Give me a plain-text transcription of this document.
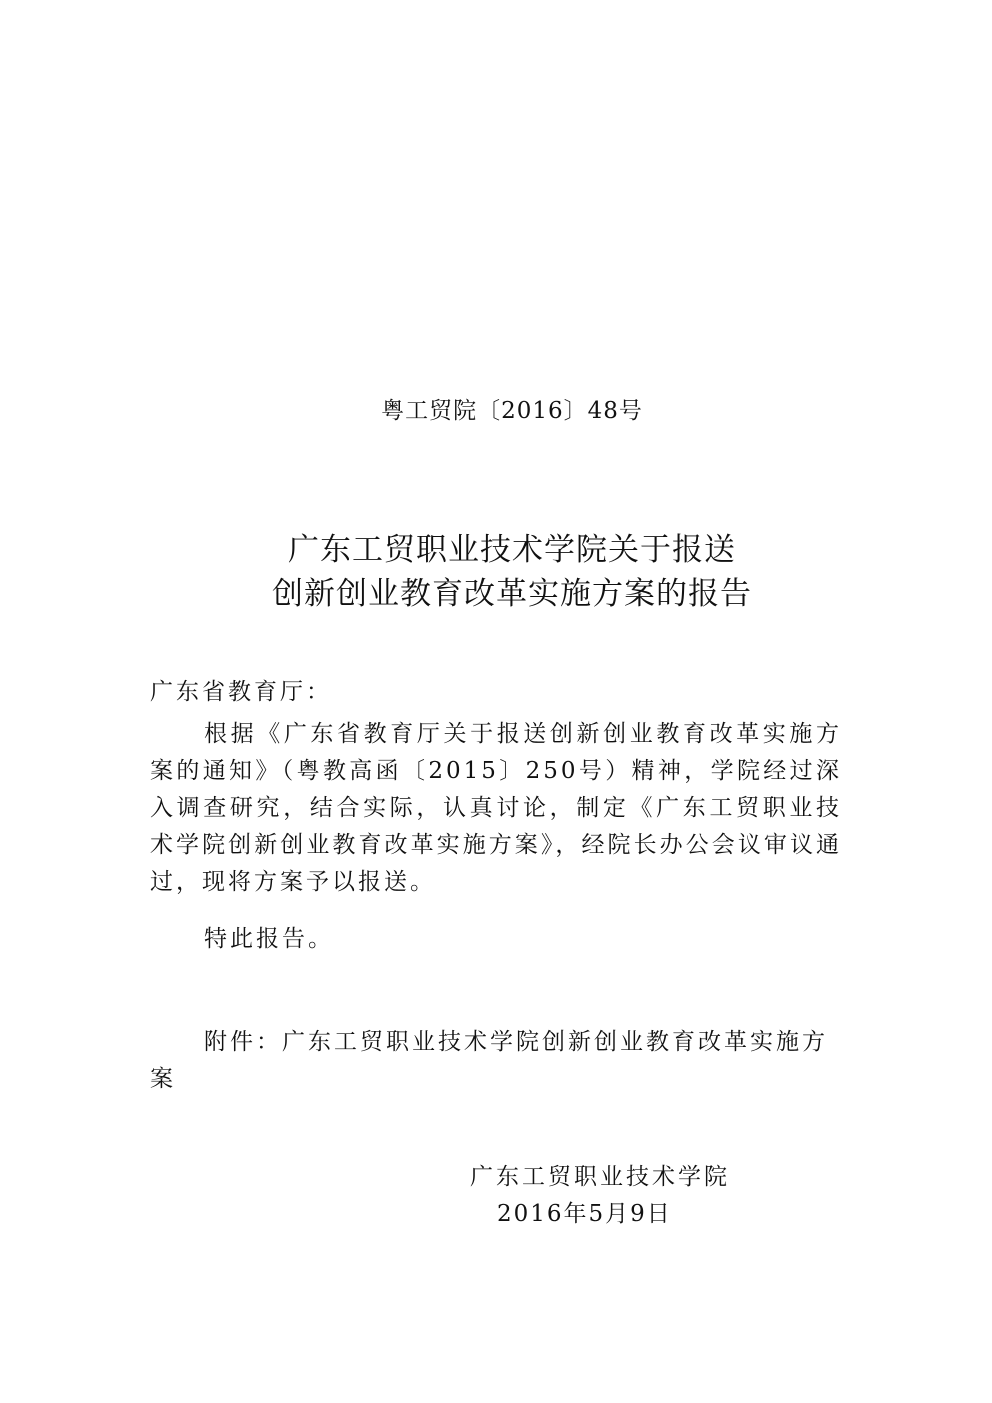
粤工贸院〔2016〕48号
广东工贸职业技术学院关于报送
创新创业教育改革实施方案的报告
广东省教育厅：
根据《广东省教育厅关于报送创新创业教育改革实施方案的通知》（粤教高函〔2015〕250号）精神，学院经过深入调查研究，结合实际，认真讨论，制定《广东工贸职业技术学院创新创业教育改革实施方案》，经院长办公会议审议通过，现将方案予以报送。
特此报告。
附件：广东工贸职业技术学院创新创业教育改革实施方案
广东工贸职业技术学院
2016年5月9日
